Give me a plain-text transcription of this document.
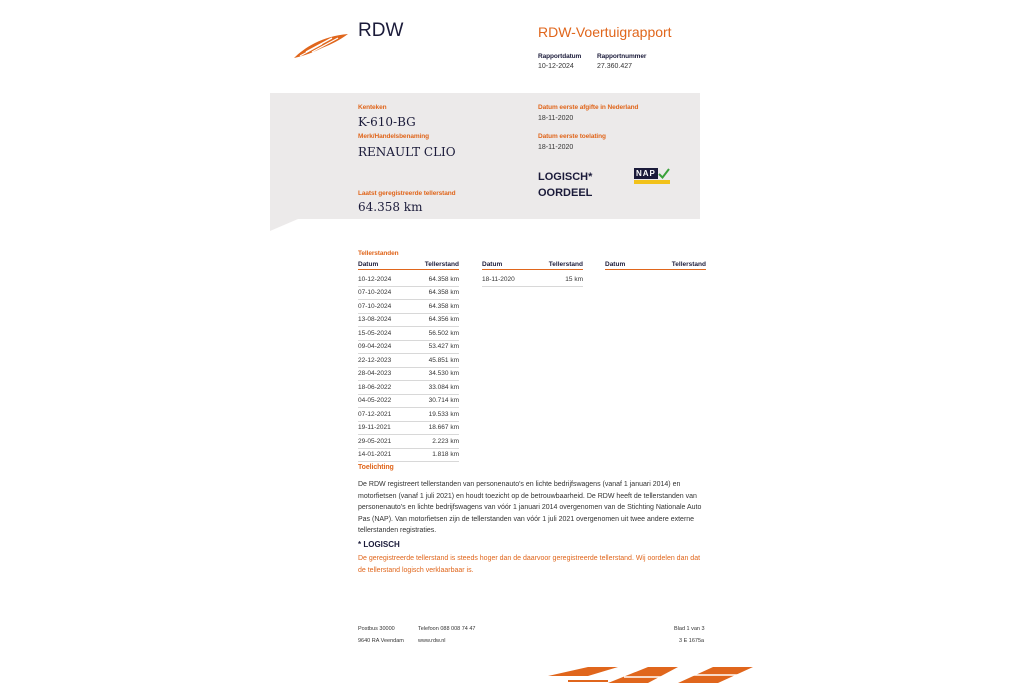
RDW	RDW-Voertuigrapport
Rapportdatum
10-12-2024
Rapportnummer
27.360.427
Kenteken
K-610-BG
Merk/Handelsbenaming
RENAULT CLIO
Datum eerste afgifte in Nederland
18-11-2020
Datum eerste toelating
18-11-2020
LOGISCH*
OORDEEL
NAP
Laatst geregistreerde tellerstand
64.358 km
Tellerstanden
Datum	Tellerstand
10-12-2024	64.358 km
07-10-2024	64.358 km
07-10-2024	64.358 km
13-08-2024	64.356 km
15-05-2024	56.502 km
09-04-2024	53.427 km
22-12-2023	45.851 km
28-04-2023	34.530 km
18-06-2022	33.084 km
04-05-2022	30.714 km
07-12-2021	19.533 km
19-11-2021	18.667 km
29-05-2021	2.223 km
14-01-2021	1.818 km
Datum	Tellerstand
18-11-2020	15 km
Datum	Tellerstand
Toelichting
De RDW registreert tellerstanden van personenauto's en lichte bedrijfswagens (vanaf 1 januari 2014) en motorfietsen (vanaf 1 juli 2021) en houdt toezicht op de betrouwbaarheid. De RDW heeft de tellerstanden van personenauto's en lichte bedrijfswagens van vóór 1 januari 2014 overgenomen van de Stichting Nationale Auto Pas (NAP). Van motorfietsen zijn de tellerstanden van vóór 1 juli 2021 overgenomen uit twee andere externe tellerstanden registraties.
* LOGISCH
De geregistreerde tellerstand is steeds hoger dan de daarvoor geregistreerde tellerstand. Wij oordelen dan dat de tellerstand logisch verklaarbaar is.
Postbus 30000
9640 RA Veendam
Telefoon 088 008 74 47
www.rdw.nl
Blad 1 van 3
3 E 1675a
